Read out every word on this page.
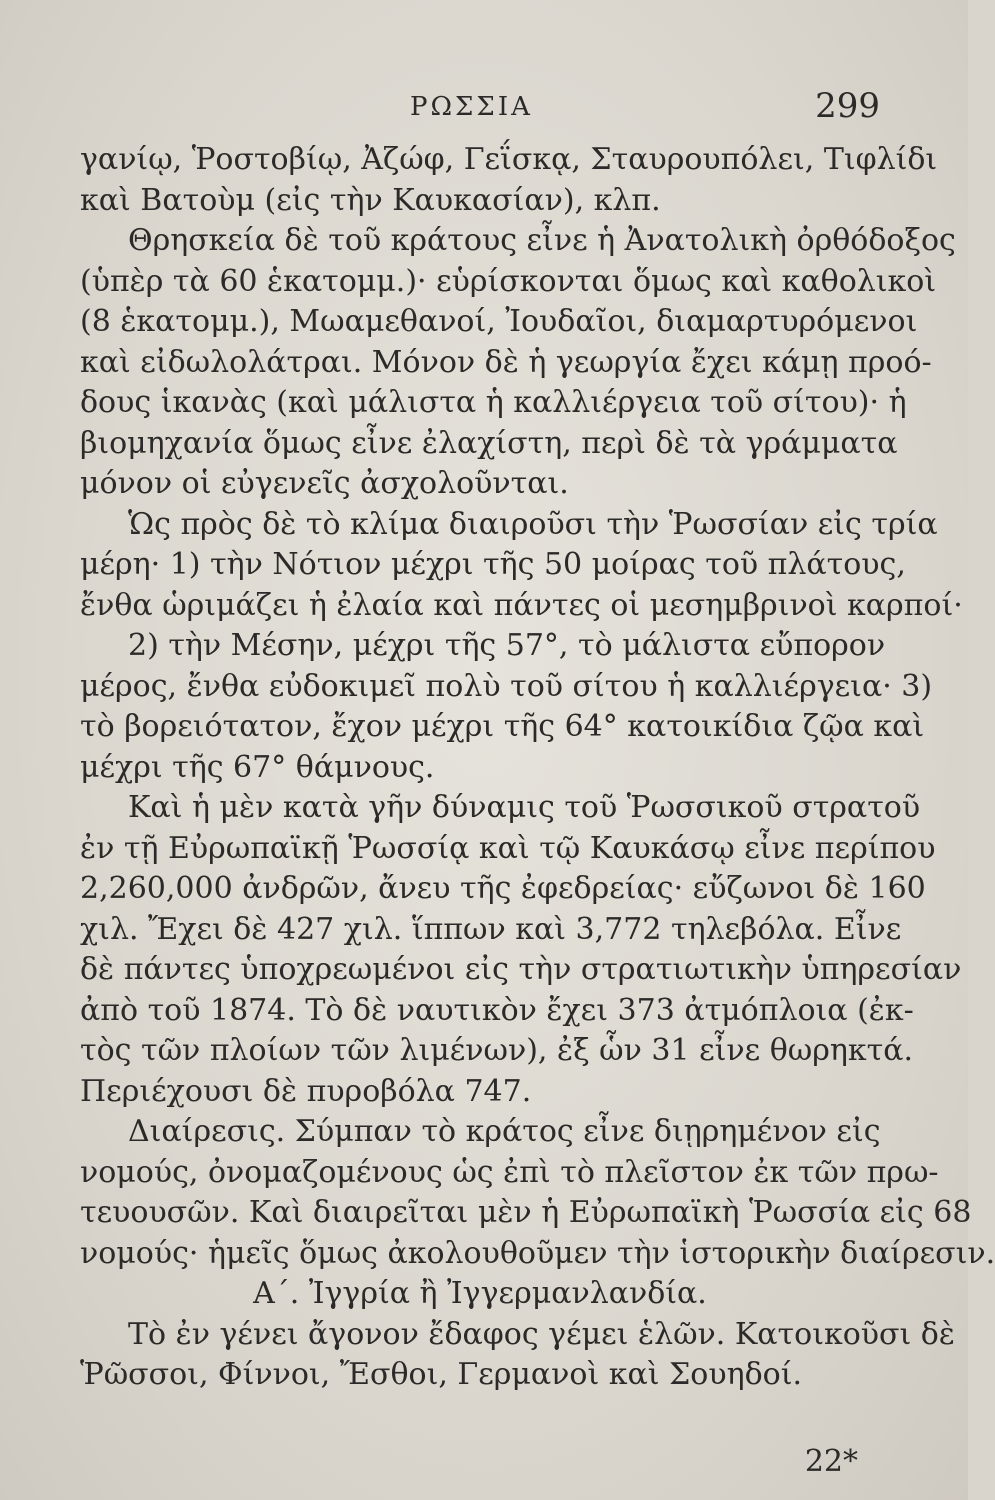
ΡΩΣΣΙΑ	299
γανίῳ, Ῥοστοβίῳ, Ἀζώφ, Γεΐσκᾳ, Σταυρουπόλει, Τιφλίδι
καὶ Βατοὺμ (εἰς τὴν Καυκασίαν), κλπ.
Θρησκεία δὲ τοῦ κράτους εἶνε ἡ Ἀνατολικὴ ὀρθόδοξος
(ὑπὲρ τὰ 60 ἑκατομμ.)· εὑρίσκονται ὅμως καὶ καθολικοὶ
(8 ἑκατομμ.), Μωαμεθανοί, Ἰουδαῖοι, διαμαρτυρόμενοι
καὶ εἰδωλολάτραι. Μόνον δὲ ἡ γεωργία ἔχει κάμῃ προό-
δους ἱκανὰς (καὶ μάλιστα ἡ καλλιέργεια τοῦ σίτου)· ἡ
βιομηχανία ὅμως εἶνε ἐλαχίστη, περὶ δὲ τὰ γράμματα
μόνον οἱ εὐγενεῖς ἀσχολοῦνται.
Ὡς πρὸς δὲ τὸ κλίμα διαιροῦσι τὴν Ῥωσσίαν εἰς τρία
μέρη· 1) τὴν Νότιον μέχρι τῆς 50 μοίρας τοῦ πλάτους,
ἔνθα ὡριμάζει ἡ ἐλαία καὶ πάντες οἱ μεσημβρινοὶ καρποί·
2) τὴν Μέσην, μέχρι τῆς 57°, τὸ μάλιστα εὔπορον
μέρος, ἔνθα εὐδοκιμεῖ πολὺ τοῦ σίτου ἡ καλλιέργεια· 3)
τὸ βορειότατον, ἔχον μέχρι τῆς 64° κατοικίδια ζῷα καὶ
μέχρι τῆς 67° θάμνους.
Καὶ ἡ μὲν κατὰ γῆν δύναμις τοῦ Ῥωσσικοῦ στρατοῦ
ἐν τῇ Εὐρωπαϊκῇ Ῥωσσίᾳ καὶ τῷ Καυκάσῳ εἶνε περίπου
2,260,000 ἀνδρῶν, ἄνευ τῆς ἐφεδρείας· εὔζωνοι δὲ 160
χιλ. Ἔχει δὲ 427 χιλ. ἵππων καὶ 3,772 τηλεβόλα. Εἶνε
δὲ πάντες ὑποχρεωμένοι εἰς τὴν στρατιωτικὴν ὑπηρεσίαν
ἀπὸ τοῦ 1874. Τὸ δὲ ναυτικὸν ἔχει 373 ἀτμόπλοια (ἐκ-
τὸς τῶν πλοίων τῶν λιμένων), ἐξ ὧν 31 εἶνε θωρηκτά.
Περιέχουσι δὲ πυροβόλα 747.
Διαίρεσις. Σύμπαν τὸ κράτος εἶνε διῃρημένον εἰς
νομούς, ὀνομαζομένους ὡς ἐπὶ τὸ πλεῖστον ἐκ τῶν πρω-
τευουσῶν. Καὶ διαιρεῖται μὲν ἡ Εὐρωπαϊκὴ Ῥωσσία εἰς 68
νομούς· ἡμεῖς ὅμως ἀκολουθοῦμεν τὴν ἱστορικὴν διαίρεσιν.
Α΄. Ἰγγρία ἢ Ἰγγερμανλανδία.
Τὸ ἐν γένει ἄγονον ἔδαφος γέμει ἑλῶν. Κατοικοῦσι δὲ
Ῥῶσσοι, Φίννοι, Ἔσθοι, Γερμανοὶ καὶ Σουηδοί.
22*
